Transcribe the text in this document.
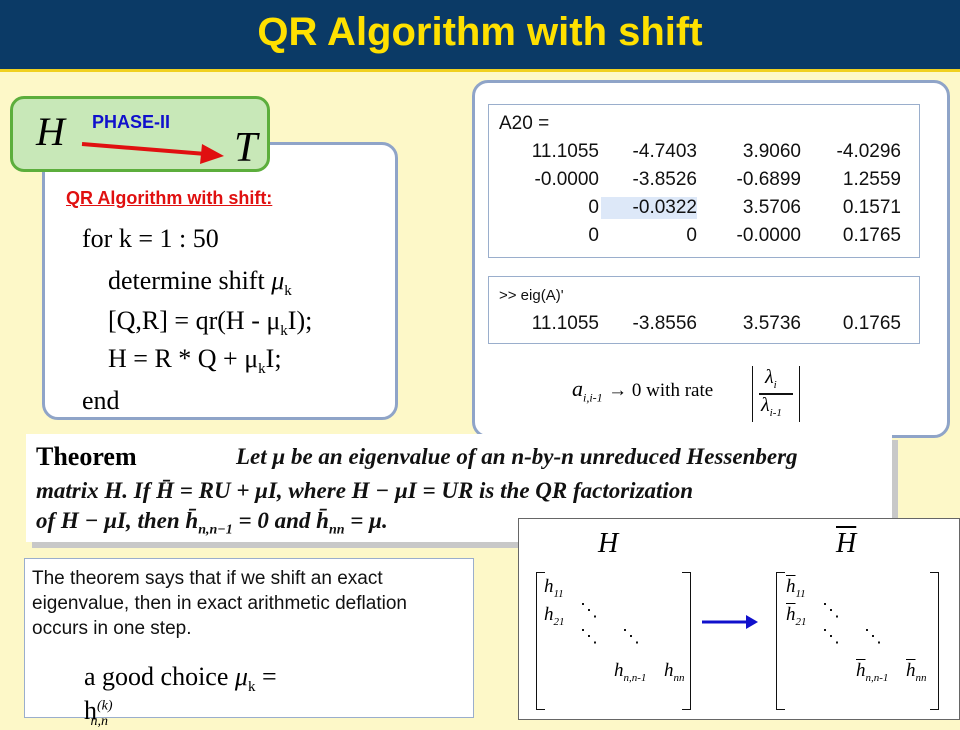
QR Algorithm with shift
QR Algorithm with shift:
for k = 1 : 50
determine shift $\mu_k$
$[Q,R] = qr(H - \mu_kI)$;
$H = R * Q + \mu_kI$;
end
PHASE-II
H	T
A20 =
11.1055	-4.7403	3.9060	-4.0296
-0.0000	-3.8526	-0.6899	1.2559
0	-0.0322	3.5706	0.1571
0	0	-0.0000	0.1765
>> eig(A)'
11.1055	-3.8556	3.5736	0.1765
$a_{i,i-1} \to 0$ with rate
$\lambda_i$
$\lambda_{i-1}$
Theorem	Let μ be an eigenvalue of an n-by-n unreduced Hessenberg
matrix H. If H̄ = RU + μI, where H − μI = UR is the QR factorization
of H − μI, then $h̄_{n,n-1} = 0$ and $h̄_{nn} = \mu$.
The theorem says that if we shift an exact eigenvalue, then in exact arithmetic deflation occurs in one step.
a good choice $\mu_k = h^{(k)}_{n,n}$
H	$\overline{H}$
$h_{11}$
$h_{21}$
⋱
⋱ ⋱
$h_{n,n-1}$ $h_{nn}$
$\overline{h}_{11}$
$\overline{h}_{21}$
⋱
⋱ ⋱
$\overline{h}_{n,n-1}$ $\overline{h}_{nn}$
